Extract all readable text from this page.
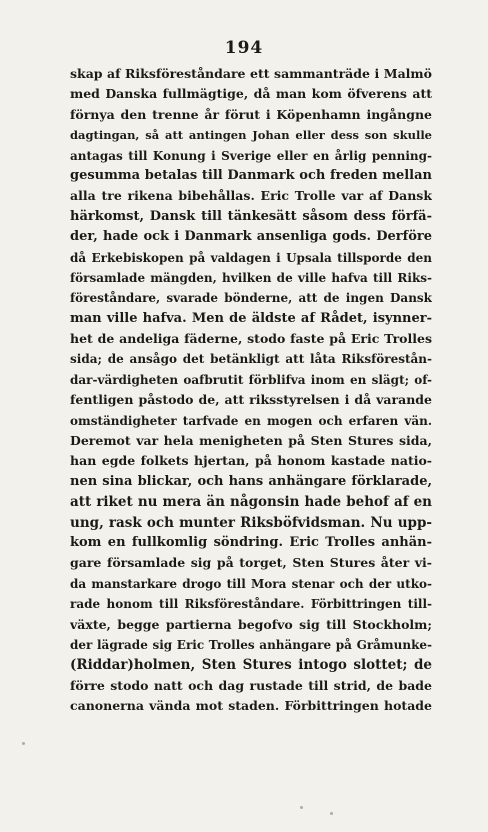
194
skap af Riksföreståndare ett sammanträde i Malmö
med Danska fullmägtige, då man kom öfverens att
förnya den trenne år förut i Köpenhamn ingångne
dagtingan, så att antingen Johan eller dess son skulle
antagas till Konung i Sverige eller en årlig penning-
gesumma betalas till Danmark och freden mellan
alla tre rikena bibehållas. Eric Trolle var af Dansk
härkomst, Dansk till tänkesätt såsom dess förfä-
der, hade ock i Danmark ansenliga gods. Derföre
då Erkebiskopen på valdagen i Upsala tillsporde den
församlade mängden, hvilken de ville hafva till Riks-
föreståndare, svarade bönderne, att de ingen Dansk
man ville hafva. Men de äldste af Rådet, isynner-
het de andeliga fäderne, stodo faste på Eric Trolles
sida; de ansågo det betänkligt att låta Riksförestån-
dar-värdigheten oafbrutit förblifva inom en slägt; of-
fentligen påstodo de, att riksstyrelsen i då varande
omständigheter tarfvade en mogen och erfaren vän.
Deremot var hela menigheten på Sten Stures sida,
han egde folkets hjertan, på honom kastade natio-
nen sina blickar, och hans anhängare förklarade,
att riket nu mera än någonsin hade behof af en
ung, rask och munter Riksböfvidsman. Nu upp-
kom en fullkomlig söndring. Eric Trolles anhän-
gare församlade sig på torget, Sten Stures åter vi-
da manstarkare drogo till Mora stenar och der utko-
rade honom till Riksföreståndare. Förbittringen till-
växte, begge partierna begofvo sig till Stockholm;
der lägrade sig Eric Trolles anhängare på Gråmunke-
(Riddar)holmen, Sten Stures intogo slottet; de
förre stodo natt och dag rustade till strid, de bade
canonerna vända mot staden. Förbittringen hotade
